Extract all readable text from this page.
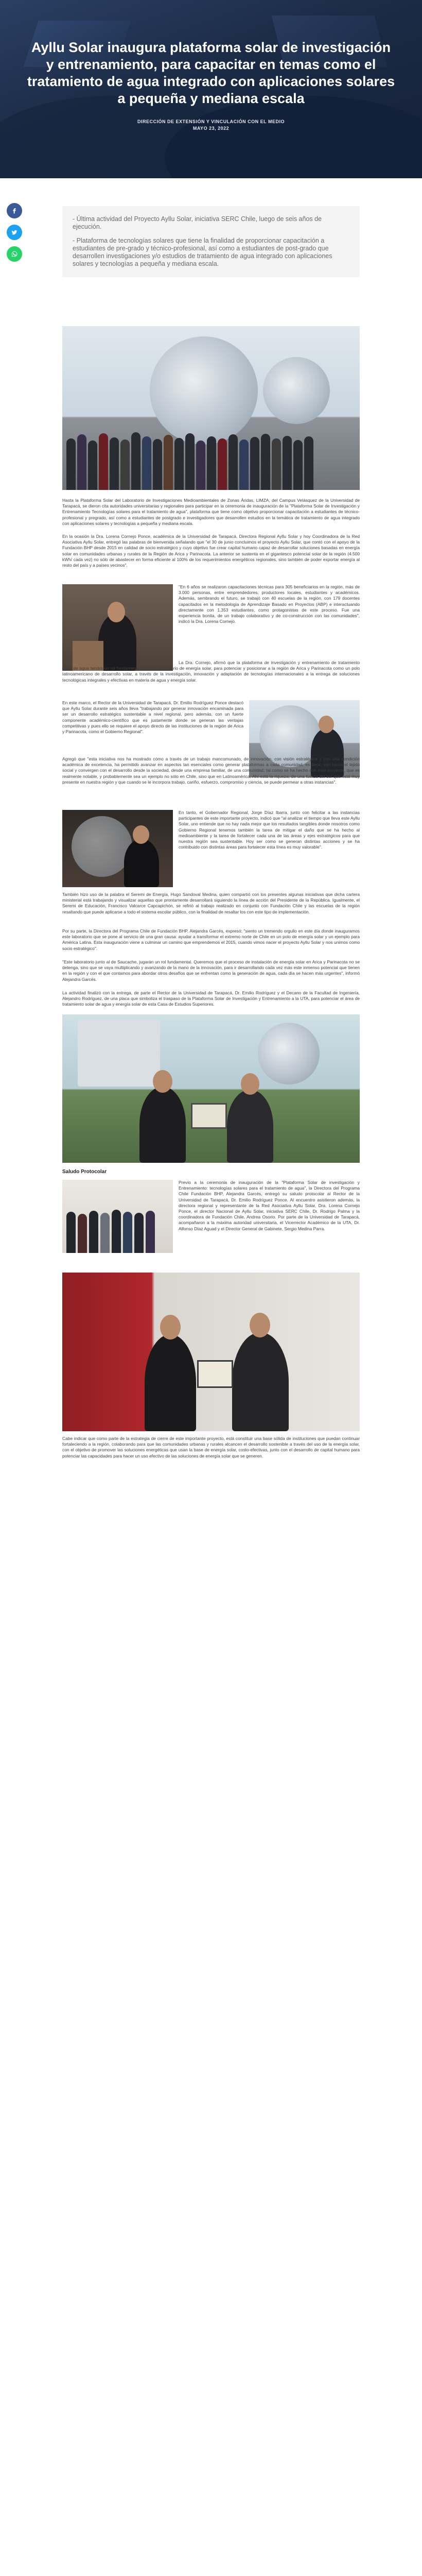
Ayllu Solar inaugura plataforma solar de investigación y entrenamiento, para capacitar en temas como el tratamiento de agua integrado con aplicaciones solares a pequeña y mediana escala
DIRECCIÓN DE EXTENSIÓN Y VINCULACIÓN CON EL MEDIO
MAYO 23, 2022

- Última actividad del Proyecto Ayllu Solar, iniciativa SERC Chile, luego de seis años de ejecución.

- Plataforma de tecnologías solares que tiene la finalidad de proporcionar capacitación a estudiantes de pre-grado y técnico-profesional, así como a estudiantes de post-grado que desarrollen investigaciones y/o estudios de tratamiento de agua integrado con aplicaciones solares y tecnologías a pequeña y mediana escala.

Hasta la Plataforma Solar del Laboratorio de Investigaciones Medioambientales de Zonas Áridas, LIMZA, del Campus Velásquez de la Universidad de Tarapacá, se dieron cita autoridades universitarias y regionales para participar en la ceremonia de inauguración de la "Plataforma Solar de Investigación y Entrenamiento Tecnologías solares para el tratamiento de agua", plataforma que tiene como objetivo proporcionar capacitación a estudiantes de técnico-profesional y pregrado, así como a estudiantes de postgrado e investigadores que desarrollen estudios en la temática de tratamiento de agua integrado con aplicaciones solares y tecnologías a pequeña y mediana escala.

En la ocasión la Dra. Lorena Cornejo Ponce, académica de la Universidad de Tarapacá, Directora Regional Ayllu Solar y hoy Coordinadora de la Red Asociativa Ayllu Solar, entregó las palabras de bienvenida señalando que "el 30 de junio concluimos el proyecto Ayllu Solar, que contó con el apoyo de la Fundación BHP desde 2015 en calidad de socio estratégico y cuyo objetivo fue crear capital humano capaz de desarrollar soluciones basadas en energía solar en comunidades urbanas y rurales de la Región de Arica y Parinacota. La anterior se sustenta en el gigantesco potencial solar de la región (4.500 kWh/ cada vez) no sólo de abastecer en forma eficiente al 100% de los requerimientos energéticos regionales, sino también de poder exportar energía al resto del país y a países vecinos".

"En 6 años se realizaron capacitaciones técnicas para 305 beneficiarios en la región, más de 3.000 personas, entre emprendedores, productores locales, estudiantes y académicos. Además, sembrando el futuro, se trabajó con 40 escuelas de la región, con 179 docentes capacitados en la metodología de Aprendizaje Basado en Proyectos (ABP) e interactuando directamente con 1.353 estudiantes, como protagonistas de este proceso. Fue una experiencia bonita, de un trabajo colaborativo y de co-construcción con las comunidades", indicó la Dra. Lorena Cornejo.

La Dra. Cornejo, afirmó que la plataforma de investigación y entrenamiento de tratamiento solar de agua tendrá un rol fundamental junto al laboratorio de energía solar, para potenciar y posicionar a la región de Arica y Parinacota como un polo latinoamericano de desarrollo solar, a través de la investigación, innovación y adaptación de tecnologías internacionales a la entrega de soluciones tecnológicas integrales y efectivas en materia de agua y energía solar.

En este marco, el Rector de la Universidad de Tarapacá, Dr. Emilio Rodríguez Ponce destacó que Ayllu Solar durante seis años lleva "trabajando por generar innovación encaminada para ser un desarrollo estratégico sustentable a nivel regional, pero además, con un fuerte componente académico-científico que es justamente donde se generan las ventajas competitivas y pues ello se requiere el apoyo directo de las instituciones de la región de Arica y Parinacota, como el Gobierno Regional".

Agregó que "esta iniciativa nos ha mostrado cómo a través de un trabajo mancomunado, de innovación, con visión estratégica y con una condición académica de excelencia, ha permitido avanzar en aspectos tan esenciales como generar plataformas a cada comunidad, es decir, van hacia el tejido social y convergen con el desarrollo desde la sociedad, desde una empresa familiar, de una comunidad, tal como se ha hecho con este proyecto, que es realmente notable, y probablemente sea un ejemplo no sólo en Chile, sino que en Latinoamérica. Ahí está la riqueza, de una fuerza del sol que está muy presente en nuestra región y que cuando se le incorpora trabajo, cariño, esfuerzo, compromiso y ciencia, se puede permear a otras instancias".

En tanto, el Gobernador Regional, Jorge Díaz Ibarra, junto con felicitar a las instancias participantes de este importante proyecto, indicó que "al analizar el tiempo que lleva este Ayllu Solar, uno entiende que no hay nada mejor que los resultados tangibles donde nosotros como Gobierno Regional tenemos también la tarea de mitigar el daño que se ha hecho al medioambiente y la tarea de fortalecer cada una de las áreas y ejes estratégicos para que nuestra región sea sustentable. Hoy ser como se generan distintas acciones y se ha contribuido con distintas áreas para fortalecer esta línea es muy valorable".

También hizo uso de la palabra el Seremi de Energía, Hugo Sandoval Medina, quien compartió con los presentes algunas iniciativas que dicha cartera ministerial está trabajando y visualizar aquellas que prontamente desarrollará siguiendo la línea de acción del Presidente de la República. Igualmente, el Seremi de Educación, Francisco Valcarce Capcapichón, se refirió al trabajo realizado en conjunto con Fundación Chile y las escuelas de la región resaltando que puede aplicarse a todo el sistema escolar público, con la finalidad de resaltar los con este tipo de implementación.

Por su parte, la Directora del Programa Chile de Fundación BHP, Alejandra Garcés, expresó: "siento un tremendo orgullo en este día donde inauguramos este laboratorio que se pone al servicio de una gran causa: ayudar a transformar el extremo norte de Chile en un polo de energía solar y un ejemplo para América Latina. Esta inauguración viene a culminar un camino que emprendemos el 2015, cuando vimos nacer el proyecto Ayllu Solar y nos unimos como socio estratégico".

"Este laboratorio junto al de Saucache, jugarán un rol fundamental. Queremos que el proceso de instalación de energía solar en Arica y Parinacota no se detenga, sino que se vaya multiplicando y avanzando de la mano de la innovación, para ir desarrollando cada vez más este inmenso potencial que tienen en la región y con el que contamos para abordar otros desafíos que se enfrentan como la generación de agua, cada día se hacen más urgentes", informó Alejandra Garcés.

La actividad finalizó con la entrega, de parte el Rector de la Universidad de Tarapacá, Dr. Emilio Rodríguez y el Decano de la Facultad de Ingeniería, Alejandro Rodríguez, de una placa que simboliza el traspaso de la Plataforma Solar de Investigación y Entrenamiento a la UTA, para potenciar el área de tratamiento solar de agua y energía solar de esta Casa de Estudios Superiores.

Saludo Protocolar

Previo a la ceremonia de inauguración de la "Plataforma Solar de investigación y Entrenamiento: tecnologías solares para el tratamiento de agua", la Directora del Programa Chile Fundación BHP, Alejandra Garcés, entregó su saludo protocolar al Rector de la Universidad de Tarapacá, Dr. Emilio Rodríguez Ponce. Al encuentro asistieron además, la directora regional y representante de la Red Asociativa Ayllu Solar, Dra. Lorena Cornejo Ponce, el director Nacional de Ayllu Solar, iniciativa SERC Chile, Dr. Rodrigo Palma y la coordinadora de Fundación Chile, Andrea Osorio. Por parte de la Universidad de Tarapacá, acompañaron a la máxima autoridad universitaria, el Vicerrector Académico de la UTA, Dr. Alfonso Díaz Aguad y el Director General de Gabinete, Sergio Medina Parra.

Cabe indicar que como parte de la estrategia de cierre de este importante proyecto, está constituir una base sólida de instituciones que puedan continuar fortaleciendo a la región, colaborando para que las comunidades urbanas y rurales alcancen el desarrollo sostenible a través del uso de la energía solar, con el objetivo de promover las soluciones energéticas que usan la base de energía solar, costo-efectivas, junto con el desarrollo de capital humano para potenciar las capacidades para hacer un uso efectivo de las soluciones de energía solar que se generen.
